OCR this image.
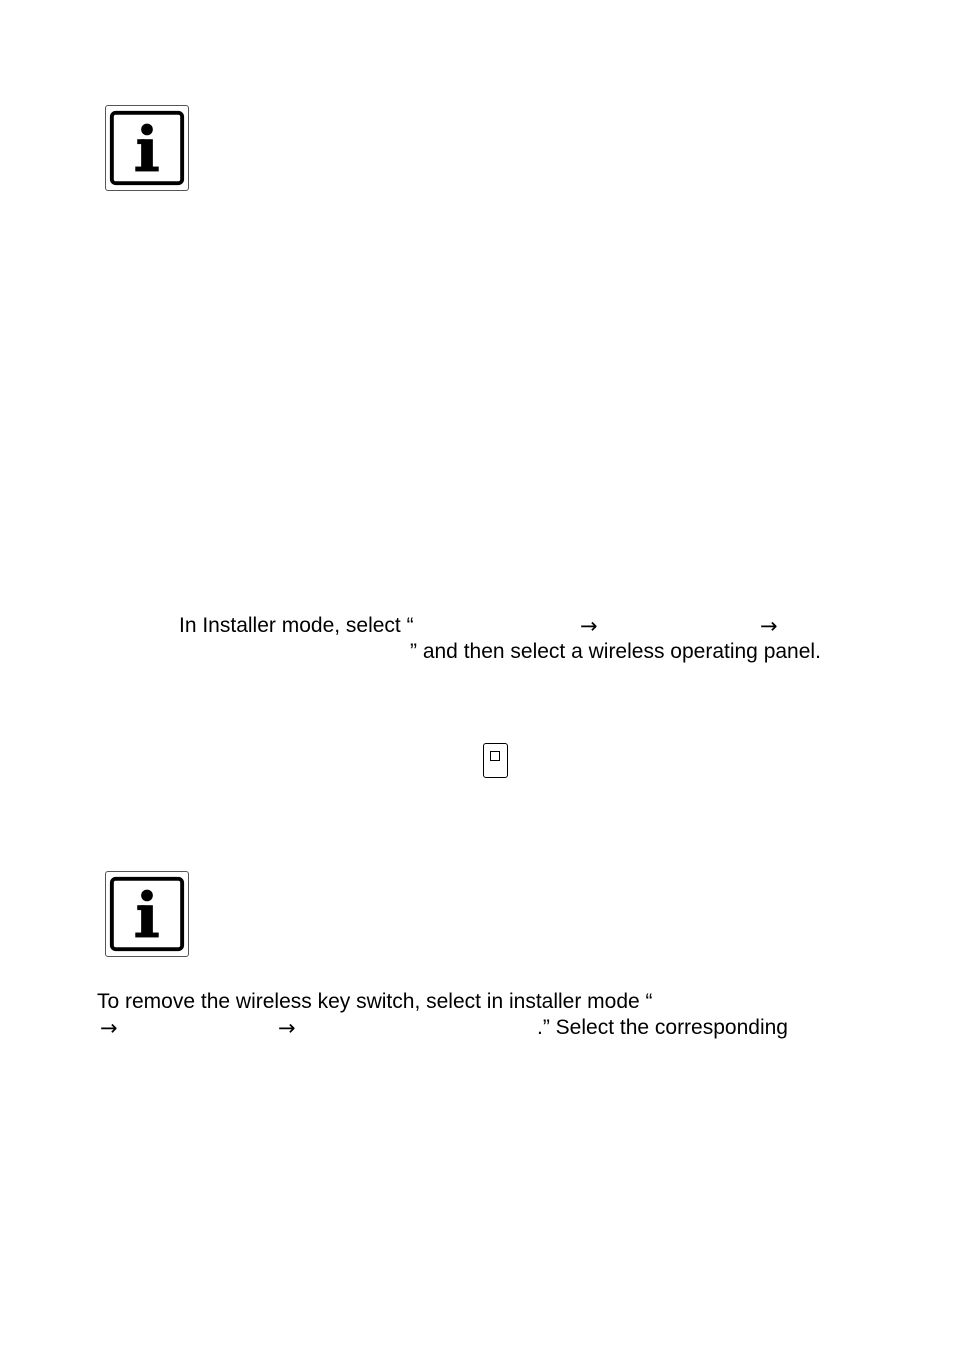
In Installer mode, select “	→	→
” and then select a wireless operating panel.
To remove the wireless key switch, select in installer mode “
→	→	.” Select the corresponding
